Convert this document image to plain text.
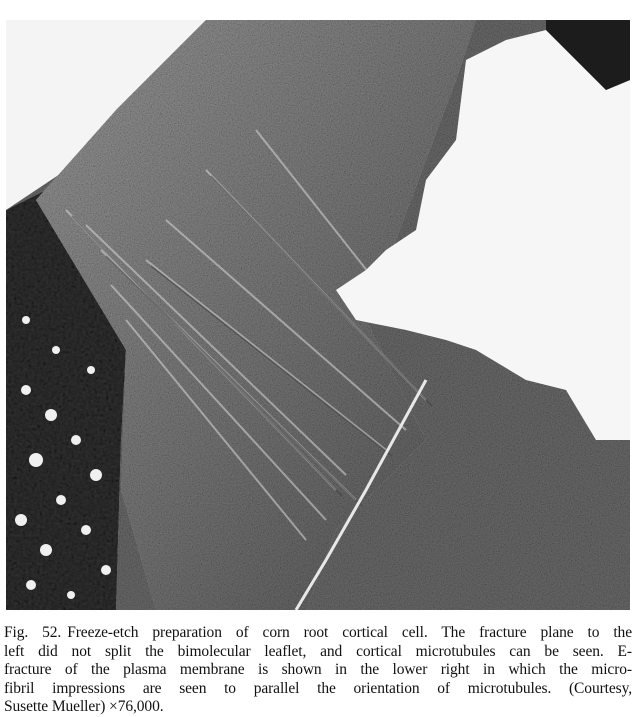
Fig. 52. Freeze-etch preparation of corn root cortical cell. The fracture plane to the
left did not split the bimolecular leaflet, and cortical microtubules can be seen. E-
fracture of the plasma membrane is shown in the lower right in which the micro-
fibril impressions are seen to parallel the orientation of microtubules. (Courtesy,
Susette Mueller) ×76,000.
